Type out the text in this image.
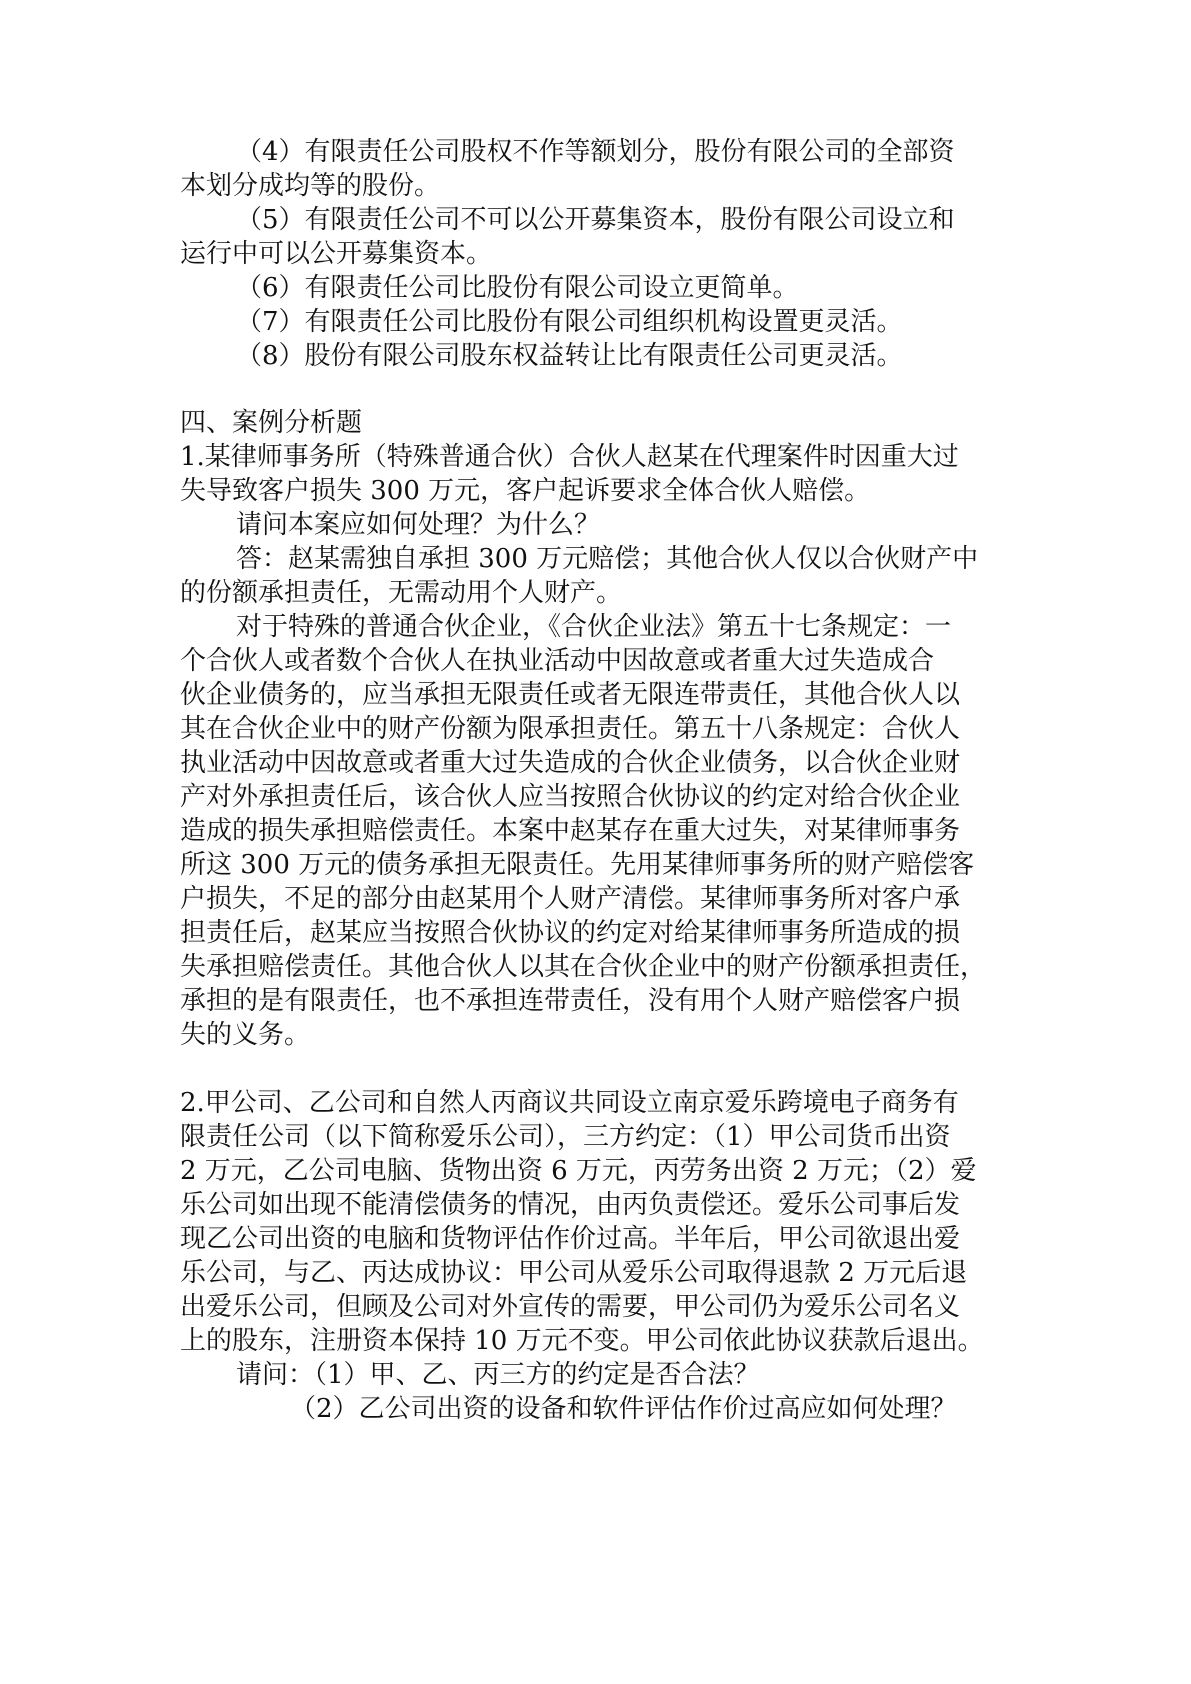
（4）有限责任公司股权不作等额划分，股份有限公司的全部资
本划分成均等的股份。
（5）有限责任公司不可以公开募集资本，股份有限公司设立和
运行中可以公开募集资本。
（6）有限责任公司比股份有限公司设立更简单。
（7）有限责任公司比股份有限公司组织机构设置更灵活。
（8）股份有限公司股东权益转让比有限责任公司更灵活。
四、案例分析题
1.某律师事务所（特殊普通合伙）合伙人赵某在代理案件时因重大过
失导致客户损失 300 万元，客户起诉要求全体合伙人赔偿。
请问本案应如何处理？为什么？
答：赵某需独自承担 300 万元赔偿；其他合伙人仅以合伙财产中
的份额承担责任，无需动用个人财产。
对于特殊的普通合伙企业，《合伙企业法》第五十七条规定：一
个合伙人或者数个合伙人在执业活动中因故意或者重大过失造成合
伙企业债务的，应当承担无限责任或者无限连带责任，其他合伙人以
其在合伙企业中的财产份额为限承担责任。第五十八条规定：合伙人
执业活动中因故意或者重大过失造成的合伙企业债务，以合伙企业财
产对外承担责任后，该合伙人应当按照合伙协议的约定对给合伙企业
造成的损失承担赔偿责任。本案中赵某存在重大过失，对某律师事务
所这 300 万元的债务承担无限责任。先用某律师事务所的财产赔偿客
户损失，不足的部分由赵某用个人财产清偿。某律师事务所对客户承
担责任后，赵某应当按照合伙协议的约定对给某律师事务所造成的损
失承担赔偿责任。其他合伙人以其在合伙企业中的财产份额承担责任，
承担的是有限责任，也不承担连带责任，没有用个人财产赔偿客户损
失的义务。
2.甲公司、乙公司和自然人丙商议共同设立南京爱乐跨境电子商务有
限责任公司（以下简称爱乐公司），三方约定：（1）甲公司货币出资
2 万元，乙公司电脑、货物出资 6 万元，丙劳务出资 2 万元；（2）爱
乐公司如出现不能清偿债务的情况，由丙负责偿还。爱乐公司事后发
现乙公司出资的电脑和货物评估作价过高。半年后，甲公司欲退出爱
乐公司，与乙、丙达成协议：甲公司从爱乐公司取得退款 2 万元后退
出爱乐公司，但顾及公司对外宣传的需要，甲公司仍为爱乐公司名义
上的股东，注册资本保持 10 万元不变。甲公司依此协议获款后退出。
请问：（1）甲、乙、丙三方的约定是否合法？
（2）乙公司出资的设备和软件评估作价过高应如何处理？
